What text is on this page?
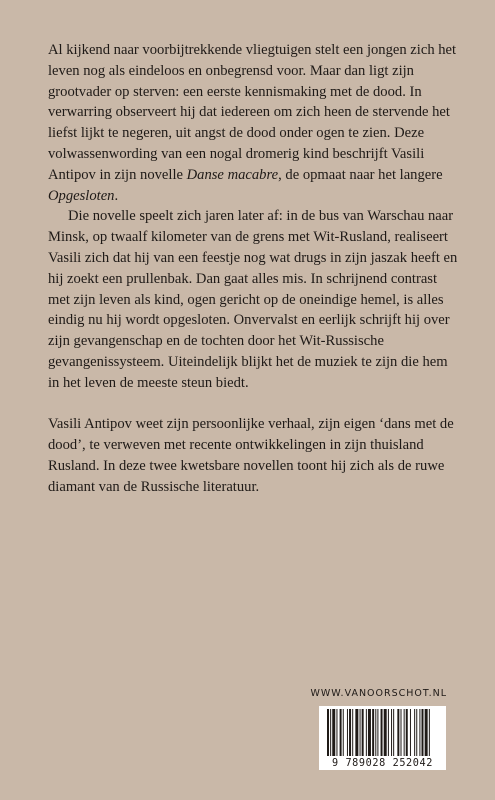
Al kijkend naar voorbijtrekkende vliegtuigen stelt een jongen zich het leven nog als eindeloos en onbegrensd voor. Maar dan ligt zijn grootvader op sterven: een eerste kennismaking met de dood. In verwarring observeert hij dat iedereen om zich heen de stervende het liefst lijkt te negeren, uit angst de dood onder ogen te zien. Deze volwassenwording van een nogal dromerig kind beschrijft Vasili Antipov in zijn novelle Danse macabre, de opmaat naar het langere Opgesloten.

Die novelle speelt zich jaren later af: in de bus van Warschau naar Minsk, op twaalf kilometer van de grens met Wit-Rusland, realiseert Vasili zich dat hij van een feestje nog wat drugs in zijn jaszak heeft en hij zoekt een prullenbak. Dan gaat alles mis. In schrijnend contrast met zijn leven als kind, ogen gericht op de oneindige hemel, is alles eindig nu hij wordt opgesloten. Onvervalst en eerlijk schrijft hij over zijn gevangenschap en de tochten door het Wit-Russische gevangenissysteem. Uiteindelijk blijkt het de muziek te zijn die hem in het leven de meeste steun biedt.

Vasili Antipov weet zijn persoonlijke verhaal, zijn eigen ‘dans met de dood’, te verweven met recente ontwikkelingen in zijn thuisland Rusland. In deze twee kwetsbare novellen toont hij zich als de ruwe diamant van de Russische literatuur.

WWW.VANOORSCHOT.NL
9 789028 252042
